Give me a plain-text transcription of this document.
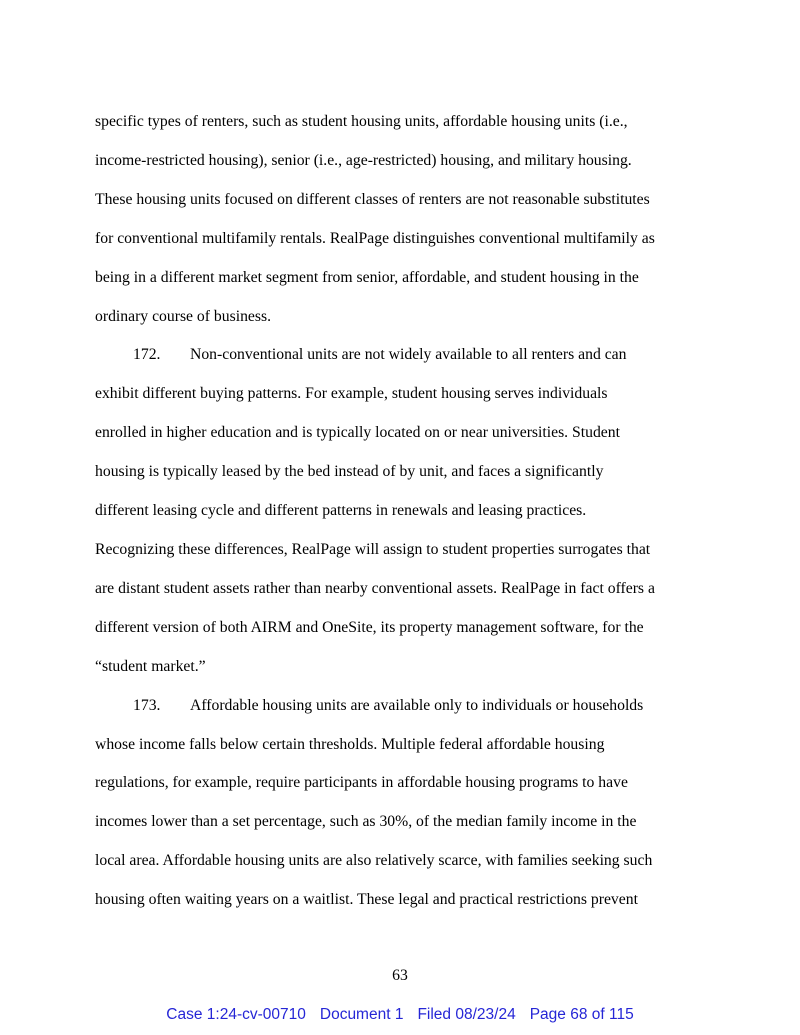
specific types of renters, such as student housing units, affordable housing units (i.e.,
income-restricted housing), senior (i.e., age-restricted) housing, and military housing.
These housing units focused on different classes of renters are not reasonable substitutes
for conventional multifamily rentals. RealPage distinguishes conventional multifamily as
being in a different market segment from senior, affordable, and student housing in the
ordinary course of business.
172. Non-conventional units are not widely available to all renters and can
exhibit different buying patterns. For example, student housing serves individuals
enrolled in higher education and is typically located on or near universities. Student
housing is typically leased by the bed instead of by unit, and faces a significantly
different leasing cycle and different patterns in renewals and leasing practices.
Recognizing these differences, RealPage will assign to student properties surrogates that
are distant student assets rather than nearby conventional assets. RealPage in fact offers a
different version of both AIRM and OneSite, its property management software, for the
“student market.”
173. Affordable housing units are available only to individuals or households
whose income falls below certain thresholds. Multiple federal affordable housing
regulations, for example, require participants in affordable housing programs to have
incomes lower than a set percentage, such as 30%, of the median family income in the
local area. Affordable housing units are also relatively scarce, with families seeking such
housing often waiting years on a waitlist. These legal and practical restrictions prevent
63
Case 1:24-cv-00710 Document 1 Filed 08/23/24 Page 68 of 115
